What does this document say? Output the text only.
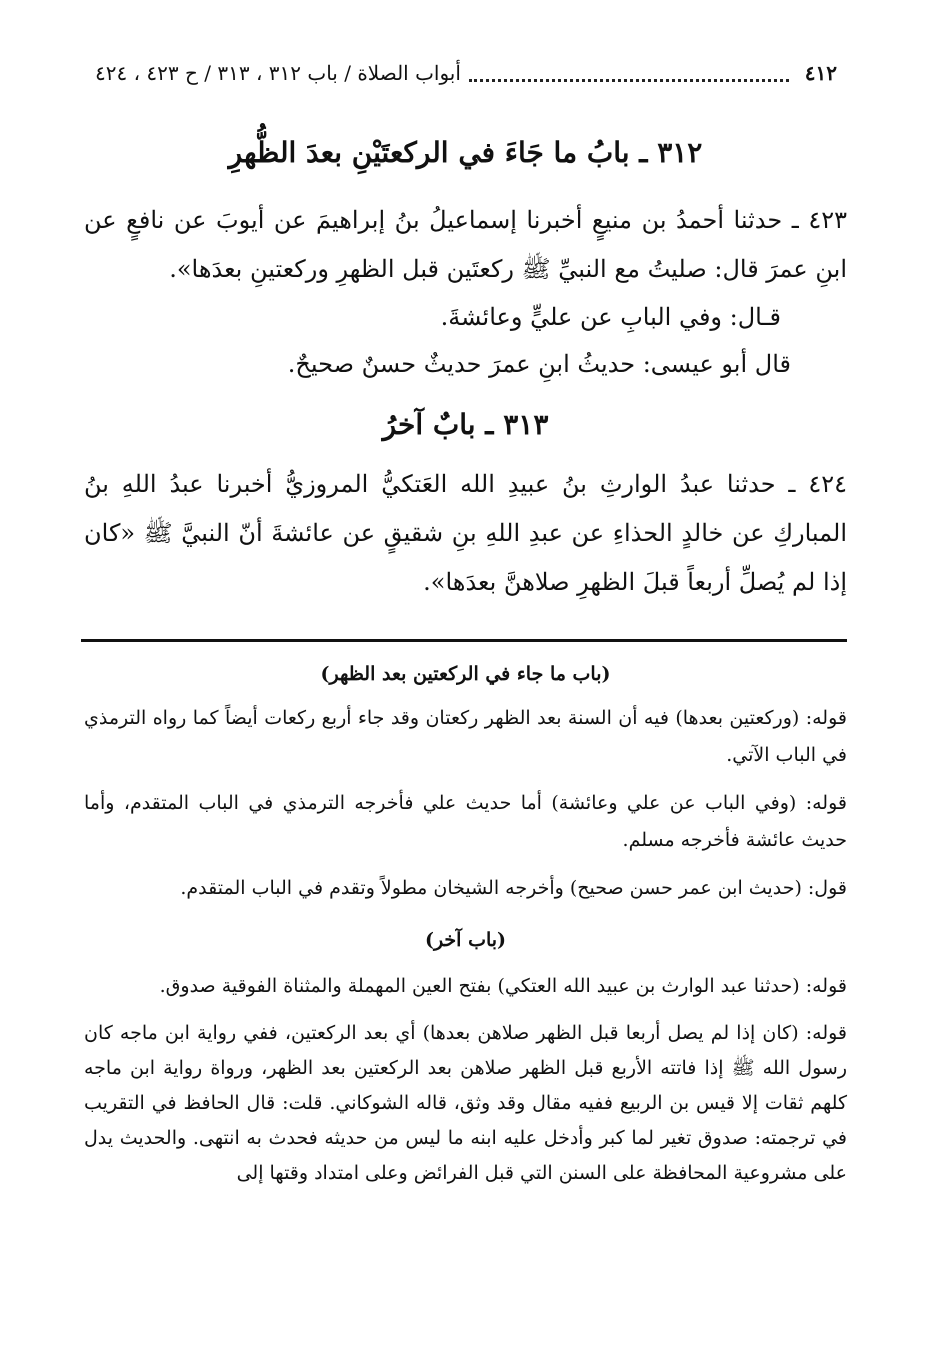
٤١٢
أبواب الصلاة / باب ٣١٢ ، ٣١٣ / ح ٤٢٣ ، ٤٢٤
٣١٢ ـ بابُ ما جَاءَ في الركعتَيْنِ بعدَ الظُّهرِ

٤٢٣ ـ حدثنا أحمدُ بن منيعٍ أخبرنا إسماعيلُ بنُ إبراهيمَ عن أيوبَ عن نافعٍ عن ابنِ عمرَ قال: صليتُ مع النبيِّ ﷺ ركعتَين قبل الظهرِ وركعتينِ بعدَها».

قـال: وفي البابِ عن عليٍّ وعائشةَ.

قال أبو عيسى: حديثُ ابنِ عمرَ حديثٌ حسنٌ صحيحٌ.

٣١٣ ـ بابٌ آخرُ

٤٢٤ ـ حدثنا عبدُ الوارثِ بنُ عبيدِ الله العَتكيُّ المروزيُّ أخبرنا عبدُ اللهِ بنُ المباركِ عن خالدٍ الحذاءِ عن عبدِ اللهِ بنِ شقيقٍ عن عائشةَ أنّ النبيَّ ﷺ «كان إذا لم يُصلِّ أربعاً قبلَ الظهرِ صلاهنَّ بعدَها».

(باب ما جاء في الركعتين بعد الظهر)

قوله: (وركعتين بعدها) فيه أن السنة بعد الظهر ركعتان وقد جاء أربع ركعات أيضاً كما رواه الترمذي في الباب الآتي.

قوله: (وفي الباب عن علي وعائشة) أما حديث علي فأخرجه الترمذي في الباب المتقدم، وأما حديث عائشة فأخرجه مسلم.

قول: (حديث ابن عمر حسن صحيح) وأخرجه الشيخان مطولاً وتقدم في الباب المتقدم.

(باب آخر)

قوله: (حدثنا عبد الوارث بن عبيد الله العتكي) بفتح العين المهملة والمثناة الفوقية صدوق.

قوله: (كان إذا لم يصل أربعا قبل الظهر صلاهن بعدها) أي بعد الركعتين، ففي رواية ابن ماجه كان رسول الله ﷺ إذا فاتته الأربع قبل الظهر صلاهن بعد الركعتين بعد الظهر، ورواة رواية ابن ماجه كلهم ثقات إلا قيس بن الربيع ففيه مقال وقد وثق، قاله الشوكاني. قلت: قال الحافظ في التقريب في ترجمته: صدوق تغير لما كبر وأدخل عليه ابنه ما ليس من حديثه فحدث به انتهى. والحديث يدل على مشروعية المحافظة على السنن التي قبل الفرائض وعلى امتداد وقتها إلى
